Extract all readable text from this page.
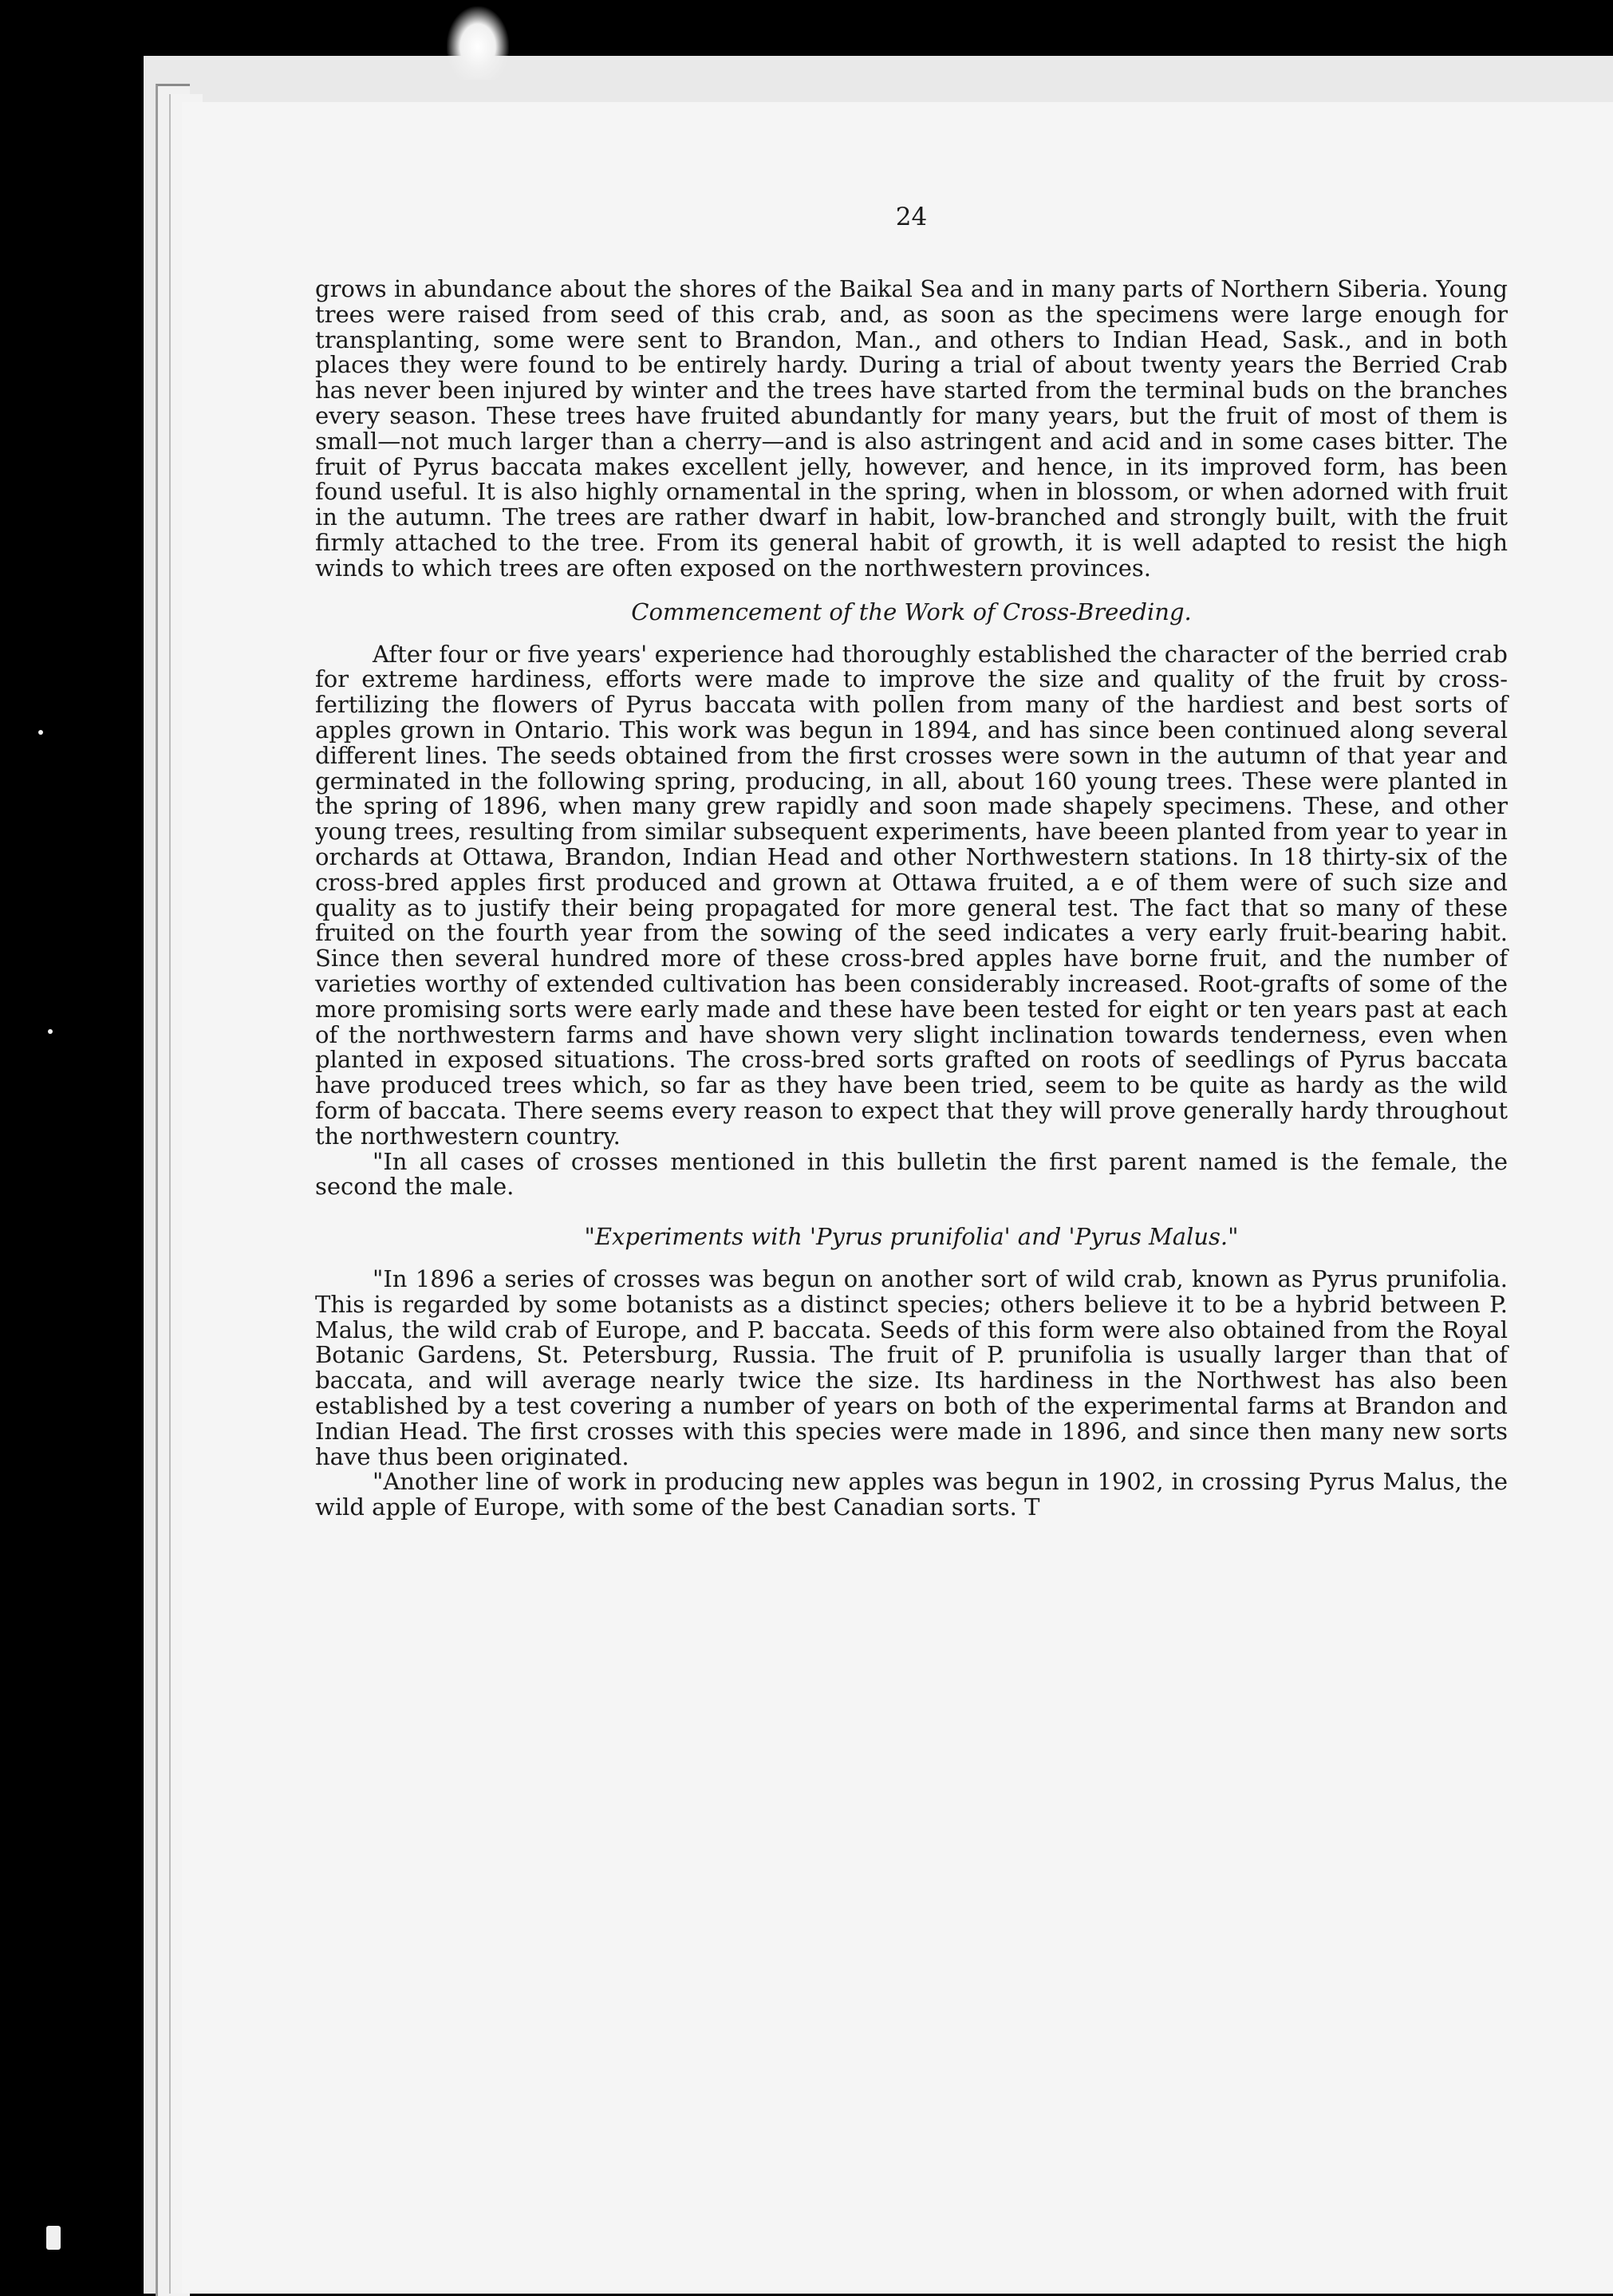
24

grows in abundance about the shores of the Baikal Sea and in many parts of Northern Siberia. Young trees were raised from seed of this crab, and, as soon as the specimens were large enough for transplanting, some were sent to Brandon, Man., and others to Indian Head, Sask., and in both places they were found to be entirely hardy. During a trial of about twenty years the Berried Crab has never been injured by winter and the trees have started from the terminal buds on the branches every season. These trees have fruited abundantly for many years, but the fruit of most of them is small—not much larger than a cherry—and is also astringent and acid and in some cases bitter. The fruit of Pyrus baccata makes excellent jelly, however, and hence, in its improved form, has been found useful. It is also highly ornamental in the spring, when in blossom, or when adorned with fruit in the autumn. The trees are rather dwarf in habit, low-branched and strongly built, with the fruit firmly attached to the tree. From its general habit of growth, it is well adapted to resist the high winds to which trees are often exposed on the northwestern provinces.

Commencement of the Work of Cross-Breeding.

After four or five years' experience had thoroughly established the character of the berried crab for extreme hardiness, efforts were made to improve the size and quality of the fruit by cross-fertilizing the flowers of Pyrus baccata with pollen from many of the hardiest and best sorts of apples grown in Ontario. This work was begun in 1894, and has since been continued along several different lines. The seeds obtained from the first crosses were sown in the autumn of that year and germinated in the following spring, producing, in all, about 160 young trees. These were planted in the spring of 1896, when many grew rapidly and soon made shapely specimens. These, and other young trees, resulting from similar subsequent experiments, have beeen planted from year to year in orchards at Ottawa, Brandon, Indian Head and other Northwestern stations. In 18 thirty-six of the cross-bred apples first produced and grown at Ottawa fruited, a e of them were of such size and quality as to justify their being propagated for more general test. The fact that so many of these fruited on the fourth year from the sowing of the seed indicates a very early fruit-bearing habit. Since then several hundred more of these cross-bred apples have borne fruit, and the number of varieties worthy of extended cultivation has been considerably increased. Root-grafts of some of the more promising sorts were early made and these have been tested for eight or ten years past at each of the northwestern farms and have shown very slight inclination towards tenderness, even when planted in exposed situations. The cross-bred sorts grafted on roots of seedlings of Pyrus baccata have produced trees which, so far as they have been tried, seem to be quite as hardy as the wild form of baccata. There seems every reason to expect that they will prove generally hardy throughout the northwestern country.

"In all cases of crosses mentioned in this bulletin the first parent named is the female, the second the male.

"Experiments with 'Pyrus prunifolia' and 'Pyrus Malus."

"In 1896 a series of crosses was begun on another sort of wild crab, known as Pyrus prunifolia. This is regarded by some botanists as a distinct species; others believe it to be a hybrid between P. Malus, the wild crab of Europe, and P. baccata. Seeds of this form were also obtained from the Royal Botanic Gardens, St. Petersburg, Russia. The fruit of P. prunifolia is usually larger than that of baccata, and will average nearly twice the size. Its hardiness in the Northwest has also been established by a test covering a number of years on both of the experimental farms at Brandon and Indian Head. The first crosses with this species were made in 1896, and since then many new sorts have thus been originated.

"Another line of work in producing new apples was begun in 1902, in crossing Pyrus Malus, the wild apple of Europe, with some of the best Canadian sorts. T
